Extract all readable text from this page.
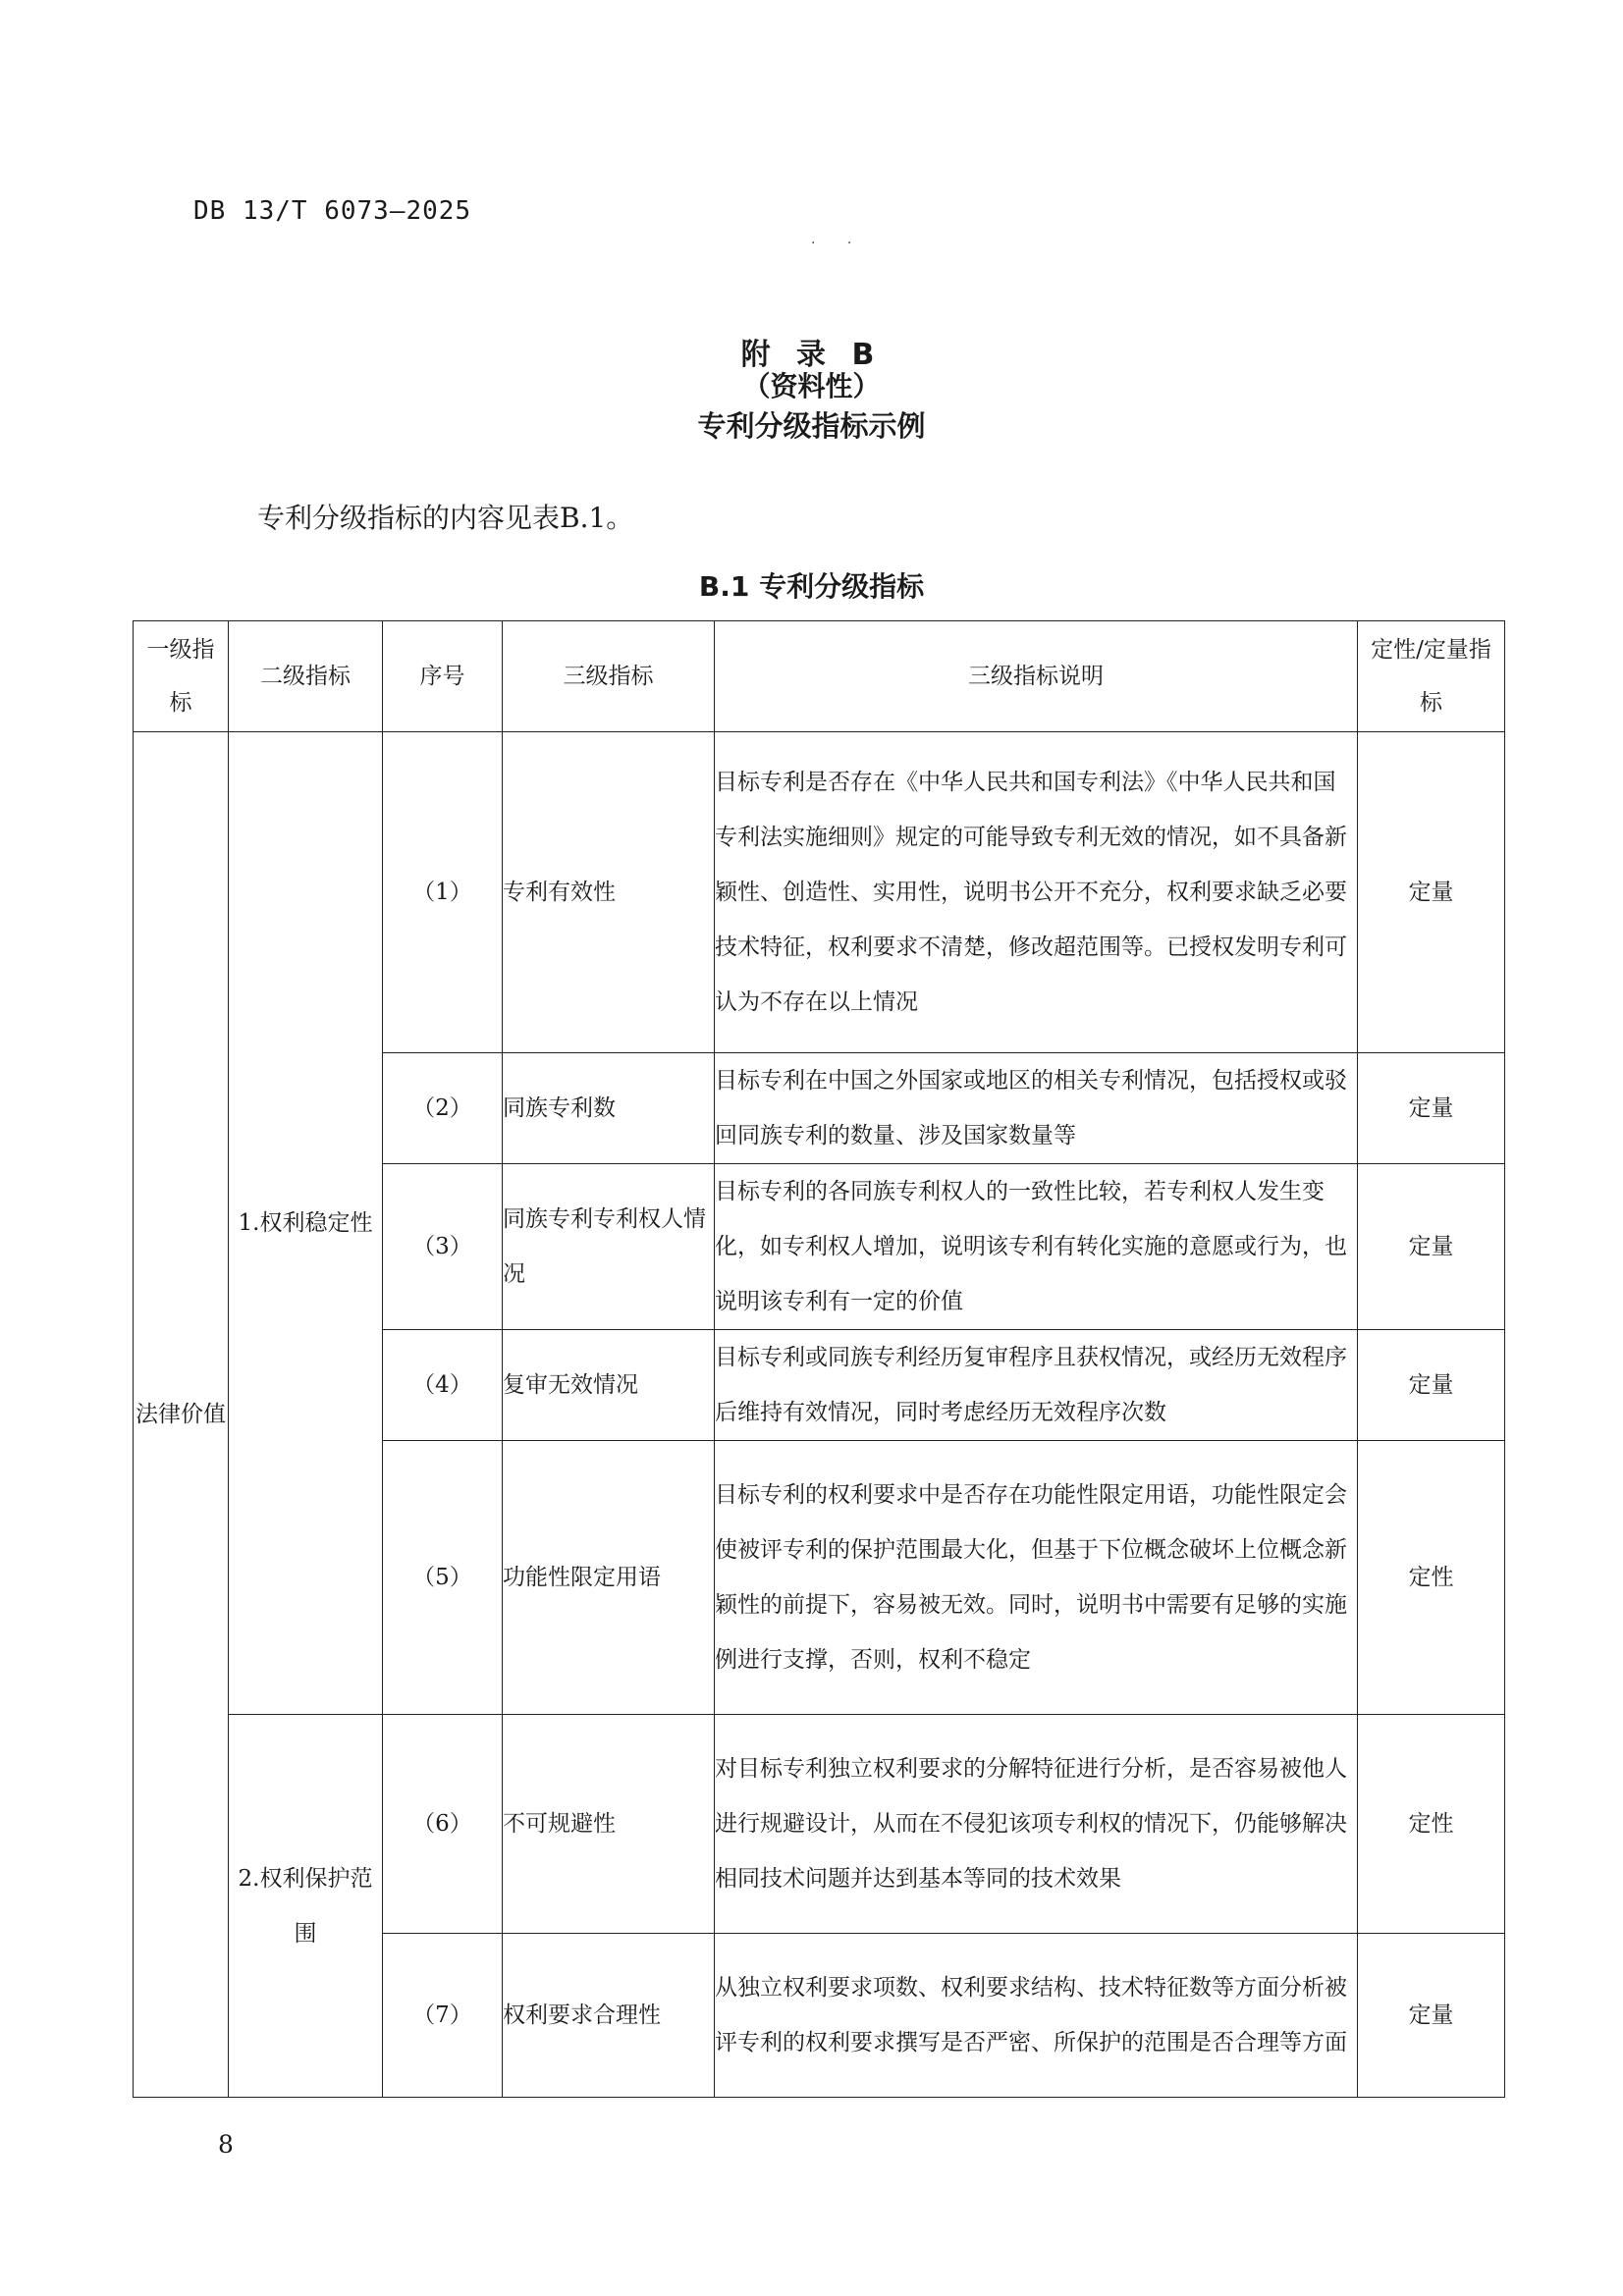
DB 13/T 6073—2025
· ·
附 录 B
（资料性）
专利分级指标示例
专利分级指标的内容见表B.1。
B.1 专利分级指标
一级指标	二级指标	序号	三级指标	三级指标说明	定性/定量指标
法律价值	1.权利稳定性	（1）	专利有效性	目标专利是否存在《中华人民共和国专利法》《中华人民共和国专利法实施细则》规定的可能导致专利无效的情况，如不具备新颖性、创造性、实用性，说明书公开不充分，权利要求缺乏必要技术特征，权利要求不清楚，修改超范围等。已授权发明专利可认为不存在以上情况	定量
		（2）	同族专利数	目标专利在中国之外国家或地区的相关专利情况，包括授权或驳回同族专利的数量、涉及国家数量等	定量
		（3）	同族专利专利权人情况	目标专利的各同族专利权人的一致性比较，若专利权人发生变化，如专利权人增加，说明该专利有转化实施的意愿或行为，也说明该专利有一定的价值	定量
		（4）	复审无效情况	目标专利或同族专利经历复审程序且获权情况，或经历无效程序后维持有效情况，同时考虑经历无效程序次数	定量
		（5）	功能性限定用语	目标专利的权利要求中是否存在功能性限定用语，功能性限定会使被评专利的保护范围最大化，但基于下位概念破坏上位概念新颖性的前提下，容易被无效。同时，说明书中需要有足够的实施例进行支撑，否则，权利不稳定	定性
	2.权利保护范围	（6）	不可规避性	对目标专利独立权利要求的分解特征进行分析，是否容易被他人进行规避设计，从而在不侵犯该项专利权的情况下，仍能够解决相同技术问题并达到基本等同的技术效果	定性
		（7）	权利要求合理性	从独立权利要求项数、权利要求结构、技术特征数等方面分析被评专利的权利要求撰写是否严密、所保护的范围是否合理等方面	定量
8
